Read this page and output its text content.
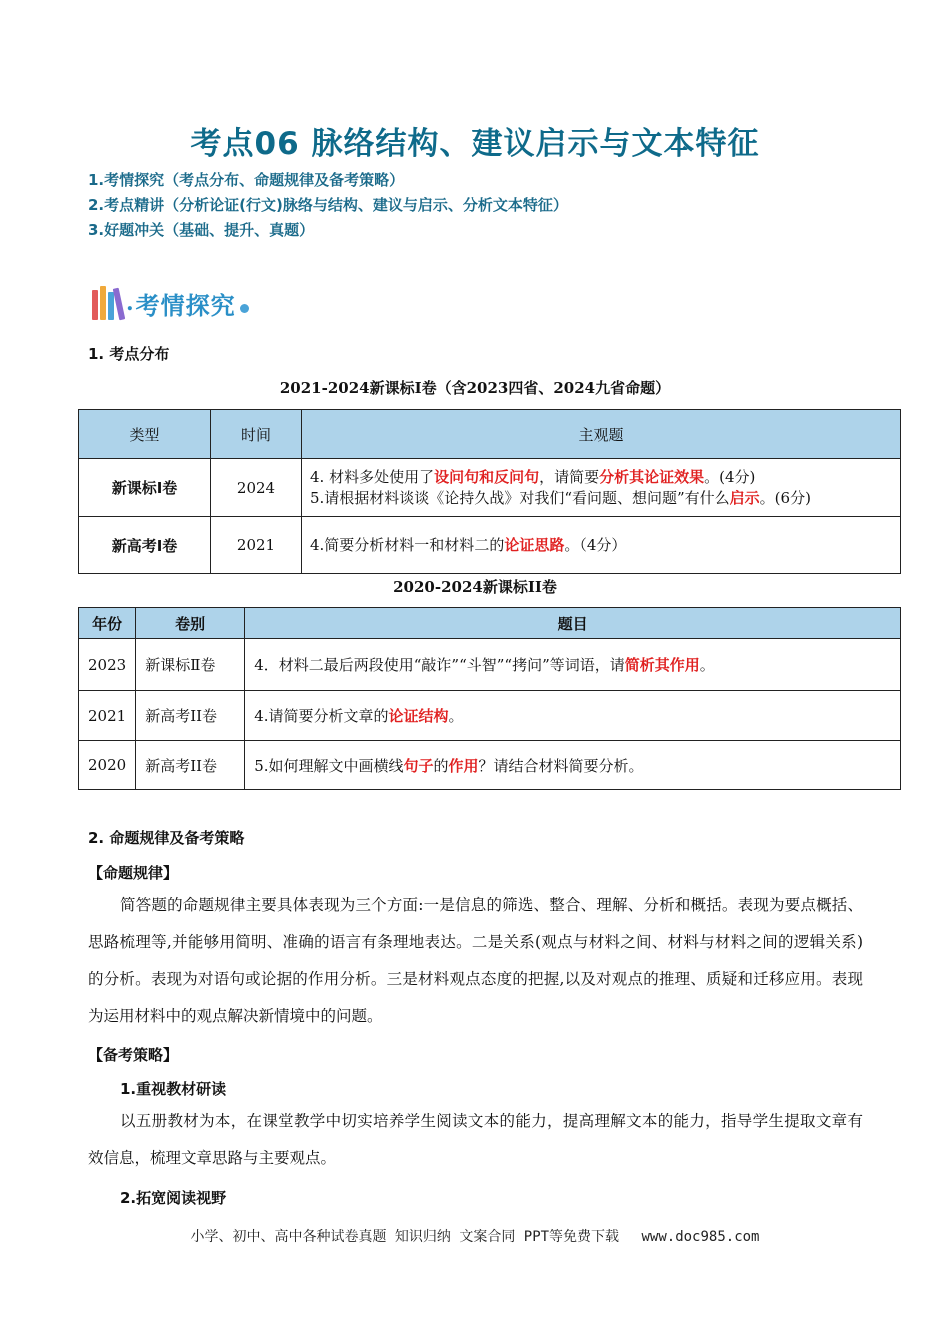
考点06 脉络结构、建议启示与文本特征
1.考情探究（考点分布、命题规律及备考策略）
2.考点精讲（分析论证(行文)脉络与结构、建议与启示、分析文本特征）
3.好题冲关（基础、提升、真题）
. 考情探究
1. 考点分布
2021-2024新课标Ⅰ卷（含2023四省、2024九省命题）
类型	时间	主观题
新课标Ⅰ卷	2024	4. 材料多处使用了设问句和反问句，请简要分析其论证效果。(4分)
5.请根据材料谈谈《论持久战》对我们“看问题、想问题”有什么启示。(6分)

新高考Ⅰ卷	2021	4.简要分析材料一和材料二的论证思路。（4分）
2020-2024新课标II卷
年份	卷别	题目
2023	新课标Ⅱ卷	4．材料二最后两段使用“敲诈”“斗智”“拷问”等词语，请简析其作用。
2021	新高考II卷	4.请简要分析文章的论证结构。
2020	新高考II卷	5.如何理解文中画横线句子的作用？请结合材料简要分析。
2. 命题规律及备考策略
【命题规律】
简答题的命题规律主要具体表现为三个方面:一是信息的筛选、整合、理解、分析和概括。表现为要点概括、思路梳理等,并能够用简明、准确的语言有条理地表达。二是关系(观点与材料之间、材料与材料之间的逻辑关系)的分析。表现为对语句或论据的作用分析。三是材料观点态度的把握,以及对观点的推理、质疑和迁移应用。表现为运用材料中的观点解决新情境中的问题。
【备考策略】
1.重视教材研读
以五册教材为本，在课堂教学中切实培养学生阅读文本的能力，提高理解文本的能力，指导学生提取文章有效信息，梳理文章思路与主要观点。
2.拓宽阅读视野
小学、初中、高中各种试卷真题 知识归纳 文案合同 PPT等免费下载　 www.doc985.com
